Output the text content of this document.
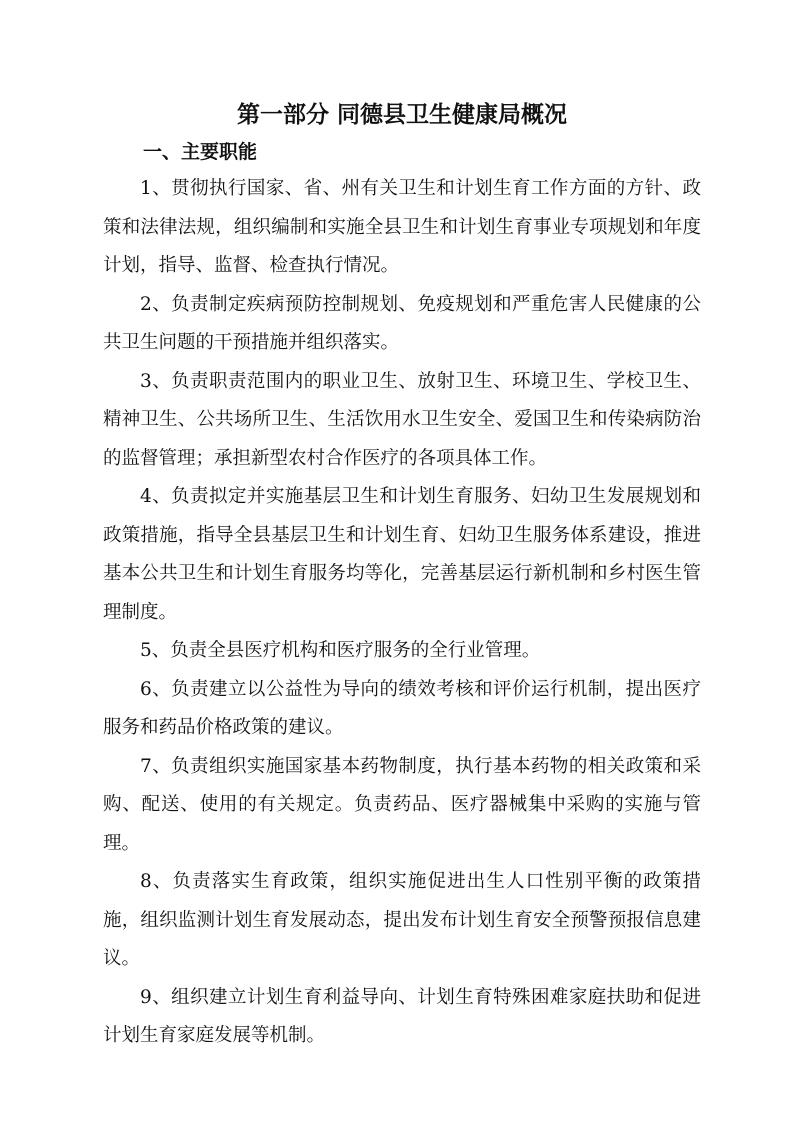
第一部分 同德县卫生健康局概况
一、主要职能

1、贯彻执行国家、省、州有关卫生和计划生育工作方面的方针、政策和法律法规，组织编制和实施全县卫生和计划生育事业专项规划和年度计划，指导、监督、检查执行情况。

2、负责制定疾病预防控制规划、免疫规划和严重危害人民健康的公共卫生问题的干预措施并组织落实。

3、负责职责范围内的职业卫生、放射卫生、环境卫生、学校卫生、精神卫生、公共场所卫生、生活饮用水卫生安全、爱国卫生和传染病防治的监督管理；承担新型农村合作医疗的各项具体工作。

4、负责拟定并实施基层卫生和计划生育服务、妇幼卫生发展规划和政策措施，指导全县基层卫生和计划生育、妇幼卫生服务体系建设，推进基本公共卫生和计划生育服务均等化，完善基层运行新机制和乡村医生管理制度。

5、负责全县医疗机构和医疗服务的全行业管理。

6、负责建立以公益性为导向的绩效考核和评价运行机制，提出医疗服务和药品价格政策的建议。

7、负责组织实施国家基本药物制度，执行基本药物的相关政策和采购、配送、使用的有关规定。负责药品、医疗器械集中采购的实施与管理。

8、负责落实生育政策，组织实施促进出生人口性别平衡的政策措施，组织监测计划生育发展动态，提出发布计划生育安全预警预报信息建议。

9、组织建立计划生育利益导向、计划生育特殊困难家庭扶助和促进计划生育家庭发展等机制。
